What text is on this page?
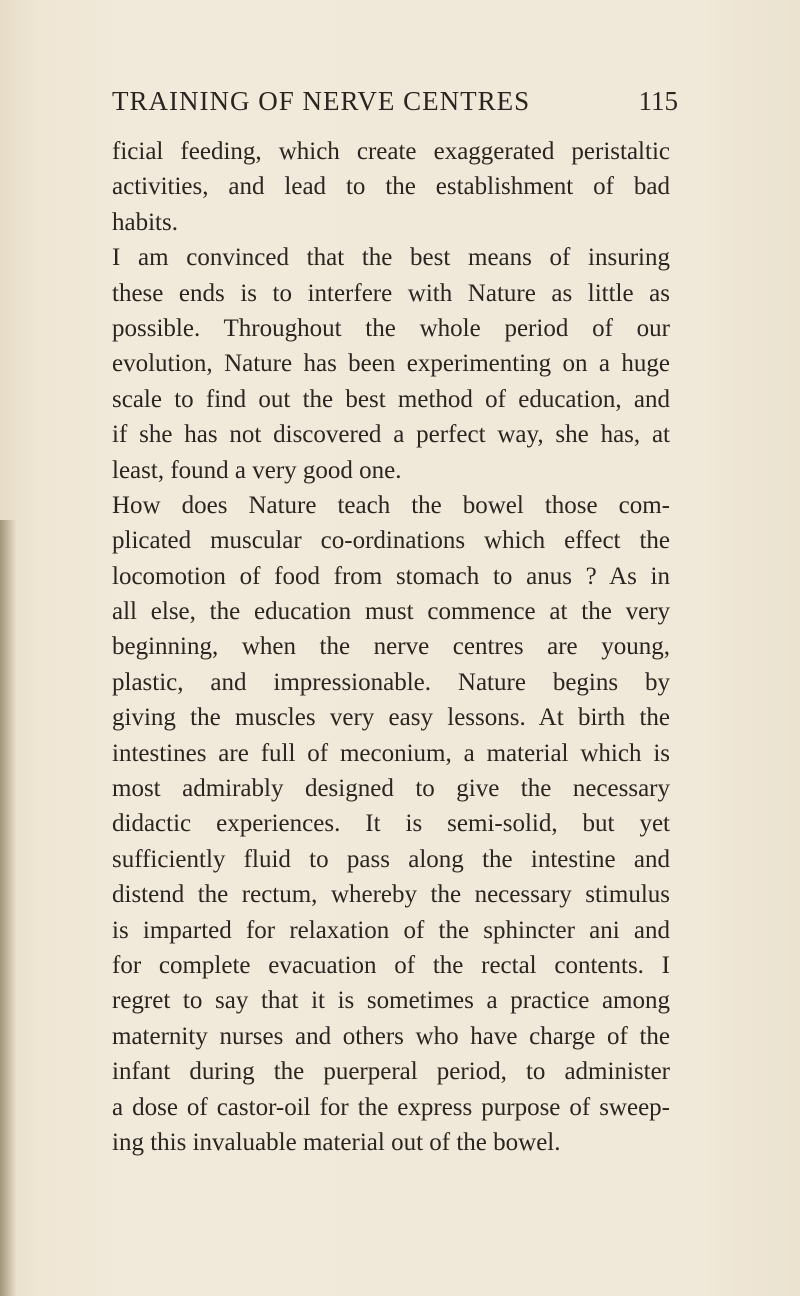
TRAINING OF NERVE CENTRES	115
ficial feeding, which create exaggerated peristaltic
activities, and lead to the establishment of bad
habits.
I am convinced that the best means of insuring
these ends is to interfere with Nature as little as
possible. Throughout the whole period of our
evolution, Nature has been experimenting on a huge
scale to find out the best method of education, and
if she has not discovered a perfect way, she has, at
least, found a very good one.
How does Nature teach the bowel those com-
plicated muscular co-ordinations which effect the
locomotion of food from stomach to anus ? As in
all else, the education must commence at the very
beginning, when the nerve centres are young,
plastic, and impressionable. Nature begins by
giving the muscles very easy lessons. At birth the
intestines are full of meconium, a material which is
most admirably designed to give the necessary
didactic experiences. It is semi-solid, but yet
sufficiently fluid to pass along the intestine and
distend the rectum, whereby the necessary stimulus
is imparted for relaxation of the sphincter ani and
for complete evacuation of the rectal contents. I
regret to say that it is sometimes a practice among
maternity nurses and others who have charge of the
infant during the puerperal period, to administer
a dose of castor-oil for the express purpose of sweep-
ing this invaluable material out of the bowel.
